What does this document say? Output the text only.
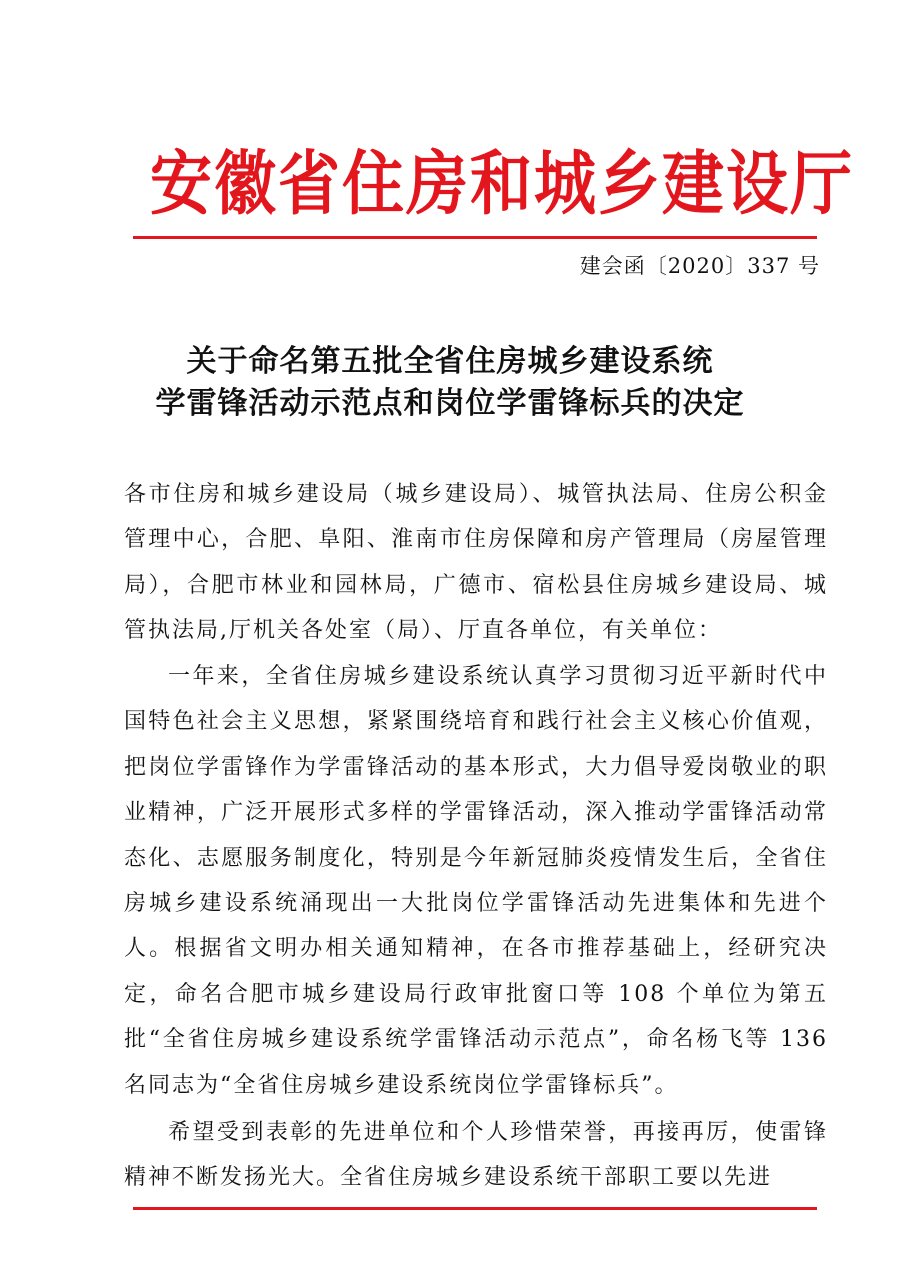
安徽省住房和城乡建设厅
建会函〔2020〕337 号
关于命名第五批全省住房城乡建设系统
学雷锋活动示范点和岗位学雷锋标兵的决定
各市住房和城乡建设局（城乡建设局）、城管执法局、住房公积金管理中心，合肥、阜阳、淮南市住房保障和房产管理局（房屋管理局），合肥市林业和园林局，广德市、宿松县住房城乡建设局、城管执法局,厅机关各处室（局）、厅直各单位，有关单位：
一年来，全省住房城乡建设系统认真学习贯彻习近平新时代中国特色社会主义思想，紧紧围绕培育和践行社会主义核心价值观，把岗位学雷锋作为学雷锋活动的基本形式，大力倡导爱岗敬业的职业精神，广泛开展形式多样的学雷锋活动，深入推动学雷锋活动常态化、志愿服务制度化，特别是今年新冠肺炎疫情发生后，全省住房城乡建设系统涌现出一大批岗位学雷锋活动先进集体和先进个人。根据省文明办相关通知精神，在各市推荐基础上，经研究决定，命名合肥市城乡建设局行政审批窗口等 108 个单位为第五批“全省住房城乡建设系统学雷锋活动示范点”，命名杨飞等 136 名同志为“全省住房城乡建设系统岗位学雷锋标兵”。
希望受到表彰的先进单位和个人珍惜荣誉，再接再厉，使雷锋精神不断发扬光大。全省住房城乡建设系统干部职工要以先进
